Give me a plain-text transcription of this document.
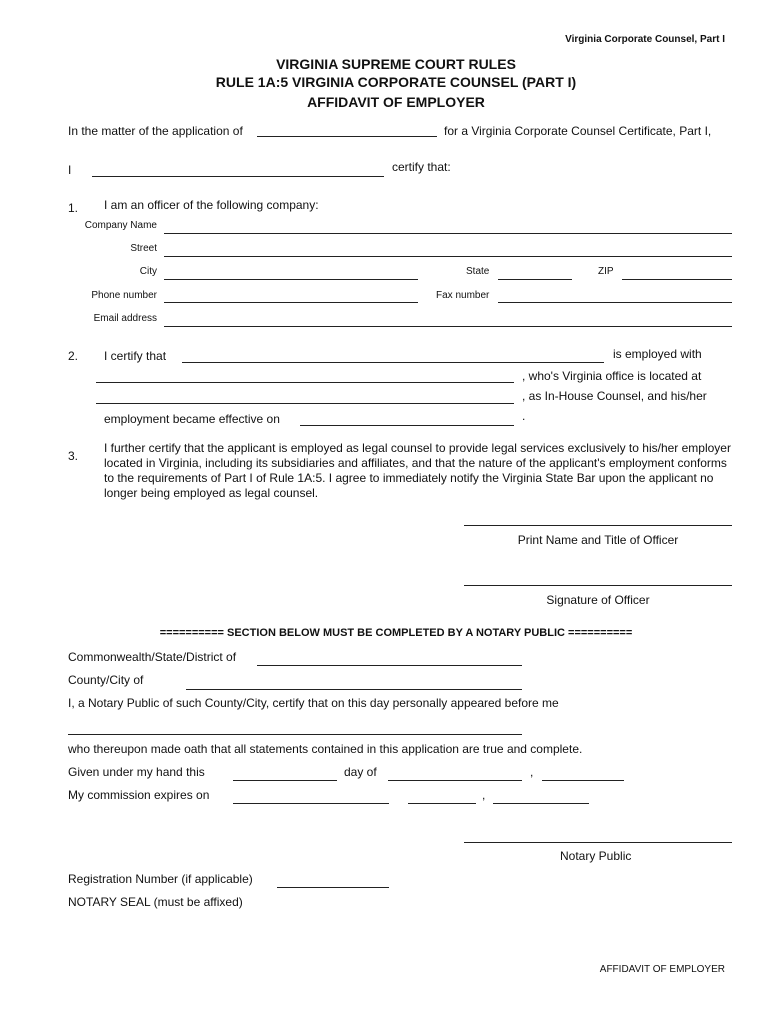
Virginia Corporate Counsel, Part I
VIRGINIA SUPREME COURT RULES
RULE 1A:5 VIRGINIA CORPORATE COUNSEL (PART I)
AFFIDAVIT OF EMPLOYER
In the matter of the application of	for a Virginia Corporate Counsel Certificate, Part I,
I	certify that:
1. I am an officer of the following company:
Company Name
Street
City	State	ZIP
Phone number	Fax number
Email address
2. I certify that	is employed with
, who's Virginia office is located at
, as In-House Counsel, and his/her
employment became effective on	.
3.
I further certify that the applicant is employed as legal counsel to provide legal services exclusively to his/her employer located in Virginia, including its subsidiaries and affiliates, and that the nature of the applicant's employment conforms to the requirements of Part I of Rule 1A:5. I agree to immediately notify the Virginia State Bar upon the applicant no longer being employed as legal counsel.
Print Name and Title of Officer
Signature of Officer
========== SECTION BELOW MUST BE COMPLETED BY A NOTARY PUBLIC ==========
Commonwealth/State/District of
County/City of
I, a Notary Public of such County/City, certify that on this day personally appeared before me
who thereupon made oath that all statements contained in this application are true and complete.
Given under my hand this	day of	,
My commission expires on	,
Notary Public
Registration Number (if applicable)
NOTARY SEAL (must be affixed)
AFFIDAVIT OF EMPLOYER
